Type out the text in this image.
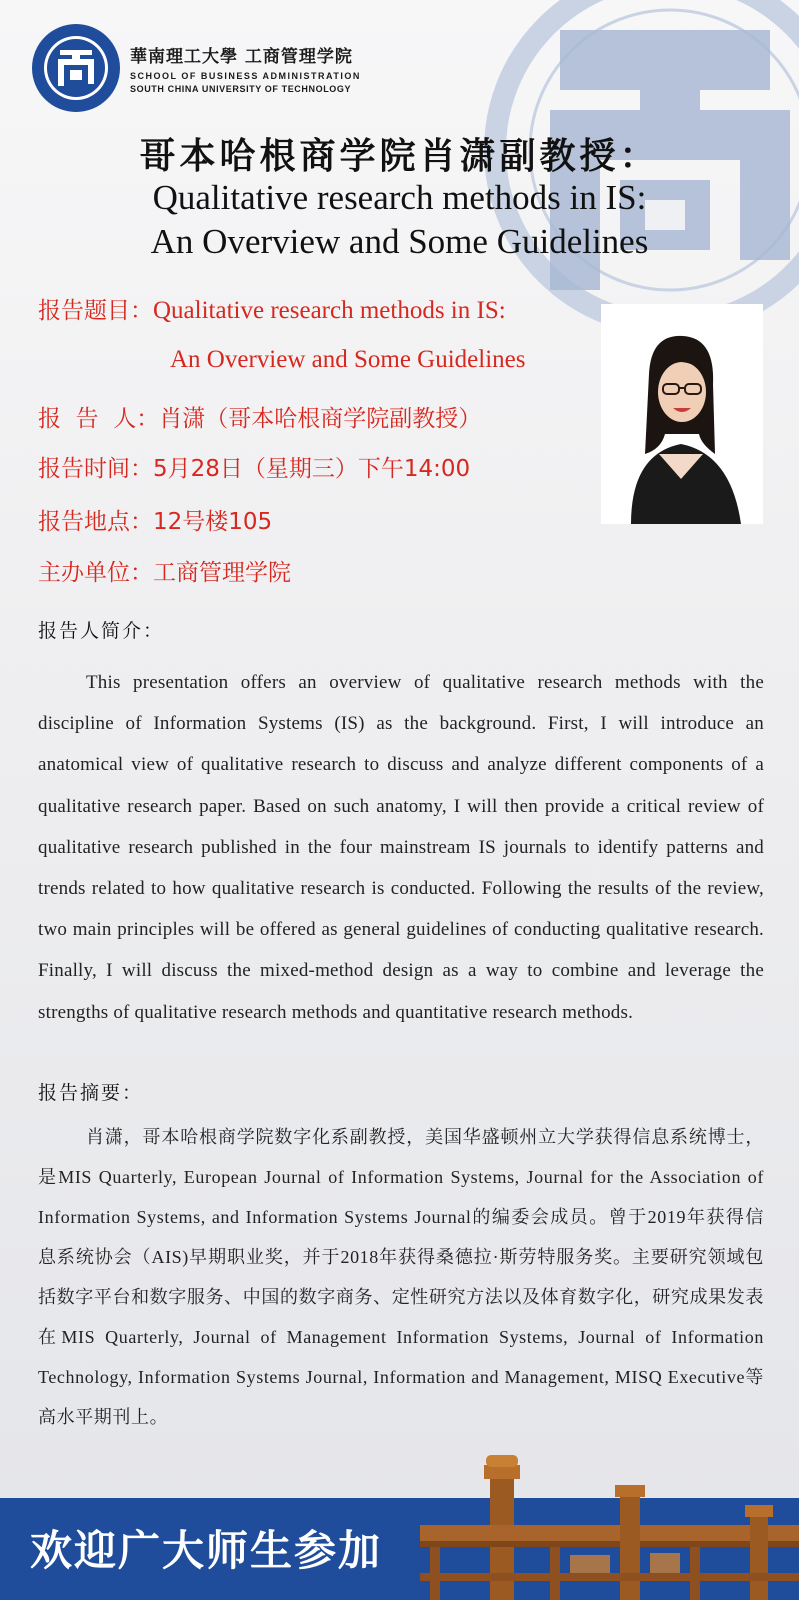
華南理工大學 工商管理学院
SCHOOL OF BUSINESS ADMINISTRATION
SOUTH CHINA UNIVERSITY OF TECHNOLOGY
哥本哈根商学院肖潇副教授：
Qualitative research methods in IS:
An Overview and Some Guidelines
报告题目：Qualitative research methods in IS:
An Overview and Some Guidelines
报  告  人：肖潇（哥本哈根商学院副教授）
报告时间：5月28日（星期三）下午14:00
报告地点：12号楼105
主办单位：工商管理学院
报告人简介：
This presentation offers an overview of qualitative research methods with the discipline of Information Systems (IS) as the background. First, I will introduce an anatomical view of qualitative research to discuss and analyze different components of a qualitative research paper. Based on such anatomy, I will then provide a critical review of qualitative research published in the four mainstream IS journals to identify patterns and trends related to how qualitative research is conducted. Following the results of the review, two main principles will be offered as general guidelines of conducting qualitative research. Finally, I will discuss the mixed-method design as a way to combine and leverage the strengths of qualitative research methods and quantitative research methods.
报告摘要：
肖潇，哥本哈根商学院数字化系副教授，美国华盛顿州立大学获得信息系统博士，是MIS Quarterly, European Journal of Information Systems, Journal for the Association of Information Systems, and Information Systems Journal的编委会成员。曾于2019年获得信息系统协会（AIS)早期职业奖，并于2018年获得桑德拉·斯劳特服务奖。主要研究领域包括数字平台和数字服务、中国的数字商务、定性研究方法以及体育数字化，研究成果发表在MIS Quarterly, Journal of Management Information Systems, Journal of Information Technology, Information Systems Journal, Information and Management, MISQ Executive等高水平期刊上。
欢迎广大师生参加
